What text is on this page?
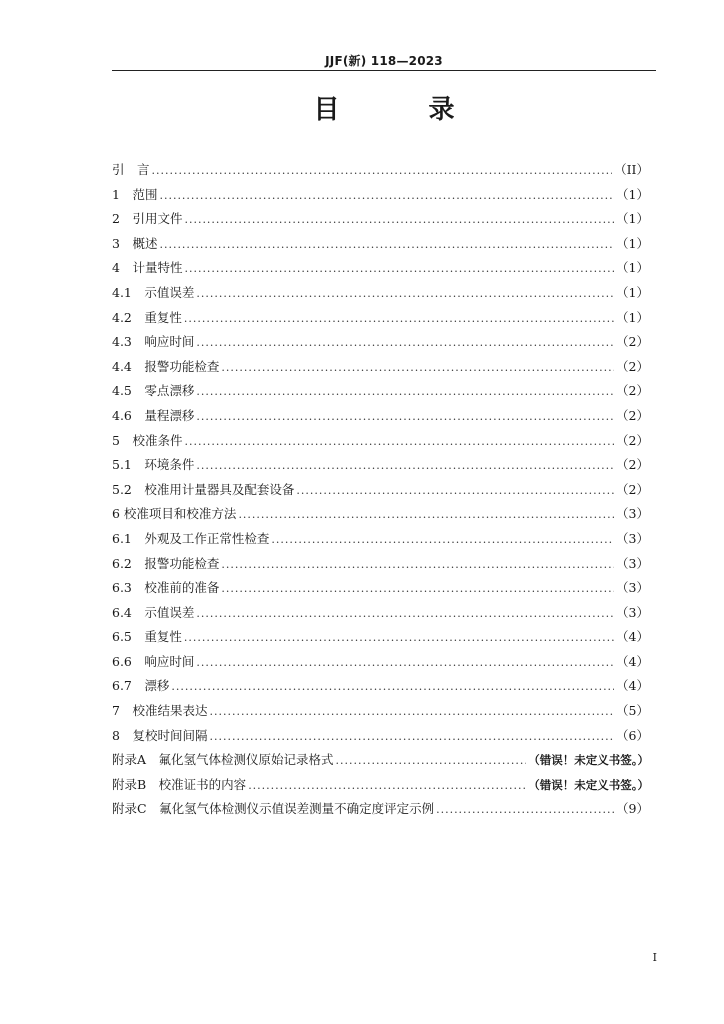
JJF(新) 118—2023
目 录
引　言 .....	（II）
1　范围 .....	（1）
2　引用文件 .....	（1）
3　概述 .....	（1）
4　计量特性 .....	（1）
4.1　示值误差 .....	（1）
4.2　重复性 .....	（1）
4.3　响应时间 .....	（2）
4.4　报警功能检查 .....	（2）
4.5　零点漂移 .....	（2）
4.6　量程漂移 .....	（2）
5　校准条件 .....	（2）
5.1　环境条件 .....	（2）
5.2　校准用计量器具及配套设备 .....	（2）
6 校准项目和校准方法 .....	（3）
6.1　外观及工作正常性检查 .....	（3）
6.2　报警功能检查 .....	（3）
6.3　校准前的准备 .....	（3）
6.4　示值误差 .....	（3）
6.5　重复性 .....	（4）
6.6　响应时间 .....	（4）
6.7　漂移 .....	（4）
7　校准结果表达 .....	（5）
8　复校时间间隔 .....	（6）
附录A　氟化氢气体检测仪原始记录格式 .....	（错误！未定义书签。）
附录B　校准证书的内容 .....	（错误！未定义书签。）
附录C　氟化氢气体检测仪示值误差测量不确定度评定示例 .....	（9）
I
